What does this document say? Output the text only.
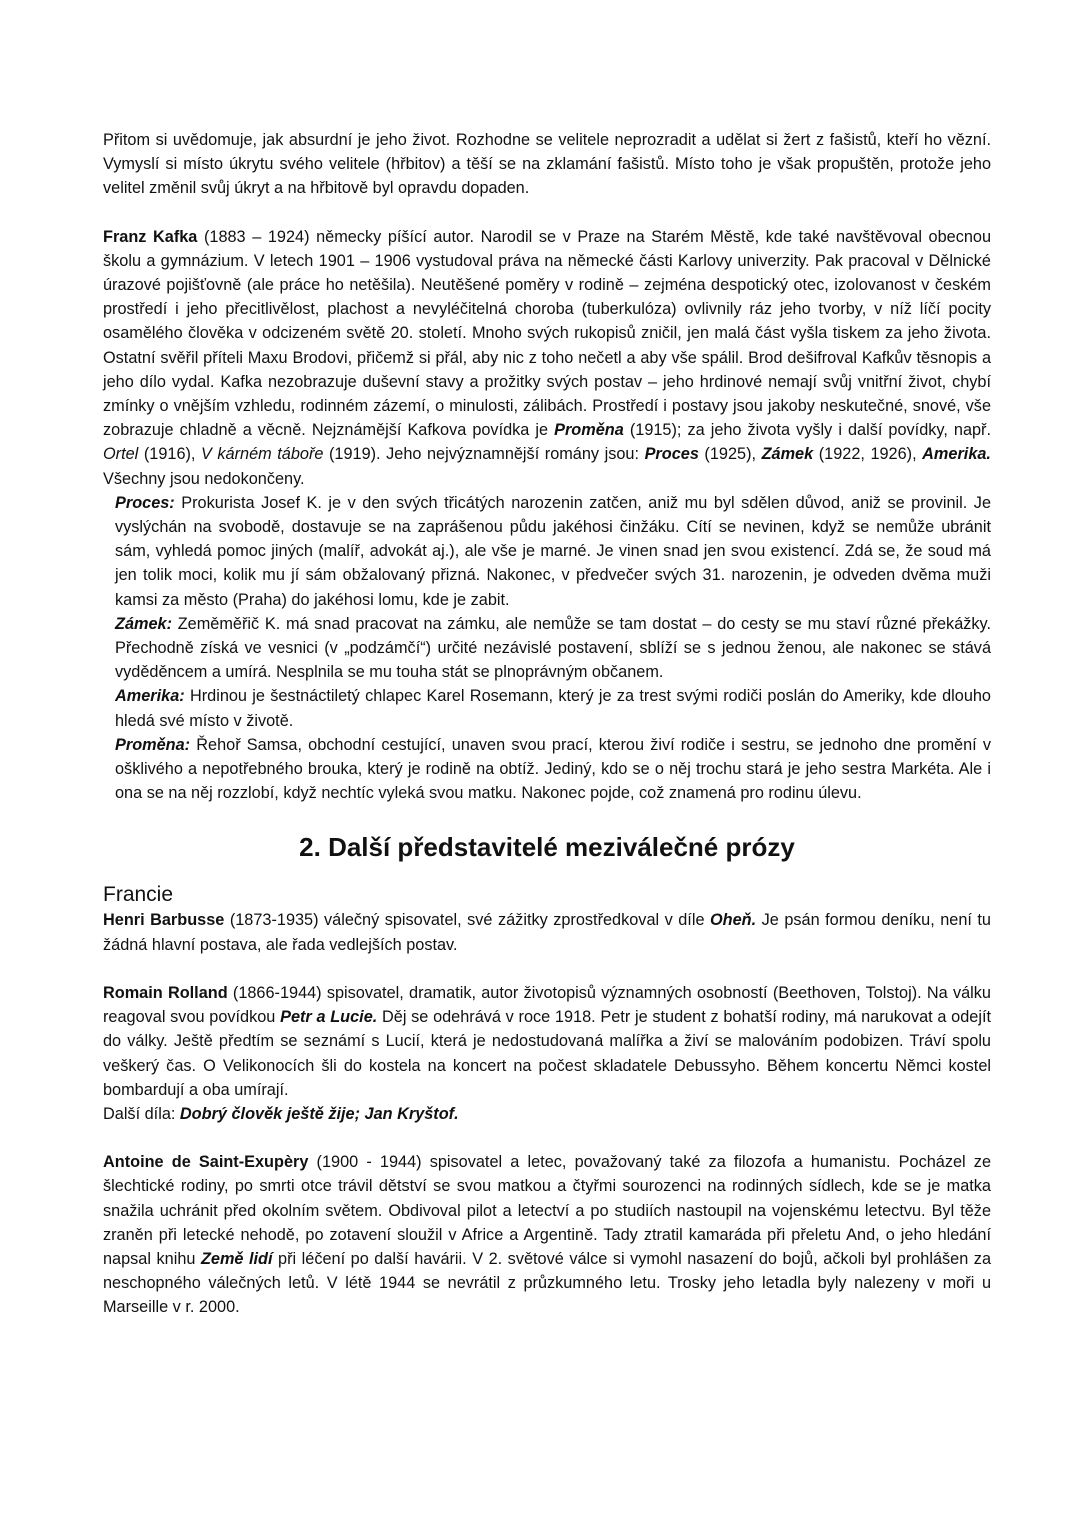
Přitom si uvědomuje, jak absurdní je jeho život. Rozhodne se velitele neprozradit a udělat si žert z fašistů, kteří ho vězní. Vymyslí si místo úkrytu svého velitele (hřbitov) a těší se na zklamání fašistů. Místo toho je však propuštěn, protože jeho velitel změnil svůj úkryt a na hřbitově byl opravdu dopaden.

Franz Kafka (1883 – 1924) německy píšící autor. Narodil se v Praze na Starém Městě, kde také navštěvoval obecnou školu a gymnázium. V letech 1901 – 1906 vystudoval práva na německé části Karlovy univerzity. Pak pracoval v Dělnické úrazové pojišťovně (ale práce ho netěšila). Neutěšené poměry v rodině – zejména despotický otec, izolovanost v českém prostředí i jeho přecitlivělost, plachost a nevyléčitelná choroba (tuberkulóza) ovlivnily ráz jeho tvorby, v níž líčí pocity osamělého člověka v odcizeném světě 20. století. Mnoho svých rukopisů zničil, jen malá část vyšla tiskem za jeho života. Ostatní svěřil příteli Maxu Brodovi, přičemž si přál, aby nic z toho nečetl a aby vše spálil. Brod dešifroval Kafkův těsnopis a jeho dílo vydal. Kafka nezobrazuje duševní stavy a prožitky svých postav – jeho hrdinové nemají svůj vnitřní život, chybí zmínky o vnějším vzhledu, rodinném zázemí, o minulosti, zálibách. Prostředí i postavy jsou jakoby neskutečné, snové, vše zobrazuje chladně a věcně. Nejznámější Kafkova povídka je Proměna (1915); za jeho života vyšly i další povídky, např. Ortel (1916), V kárném táboře (1919). Jeho nejvýznamnější romány jsou: Proces (1925), Zámek (1922, 1926), Amerika. Všechny jsou nedokončeny.

Proces: Prokurista Josef K. je v den svých třicátých narozenin zatčen, aniž mu byl sdělen důvod, aniž se provinil. Je vyslýchán na svobodě, dostavuje se na zaprášenou půdu jakéhosi činžáku. Cítí se nevinen, když se nemůže ubránit sám, vyhledá pomoc jiných (malíř, advokát aj.), ale vše je marné. Je vinen snad jen svou existencí. Zdá se, že soud má jen tolik moci, kolik mu jí sám obžalovaný přizná. Nakonec, v předvečer svých 31. narozenin, je odveden dvěma muži kamsi za město (Praha) do jakéhosi lomu, kde je zabit.

Zámek: Zeměměřič K. má snad pracovat na zámku, ale nemůže se tam dostat – do cesty se mu staví různé překážky. Přechodně získá ve vesnici (v „podzámčí“) určité nezávislé postavení, sblíží se s jednou ženou, ale nakonec se stává vyděděncem a umírá. Nesplnila se mu touha stát se plnoprávným občanem.

Amerika: Hrdinou je šestnáctiletý chlapec Karel Rosemann, který je za trest svými rodiči poslán do Ameriky, kde dlouho hledá své místo v životě.

Proměna: Řehoř Samsa, obchodní cestující, unaven svou prací, kterou živí rodiče i sestru, se jednoho dne promění v ošklivého a nepotřebného brouka, který je rodině na obtíž. Jediný, kdo se o něj trochu stará je jeho sestra Markéta. Ale i ona se na něj rozzlobí, když nechtíc vyleká svou matku. Nakonec pojde, což znamená pro rodinu úlevu.

2. Další představitelé meziválečné prózy
Francie

Henri Barbusse (1873-1935) válečný spisovatel, své zážitky zprostředkoval v díle Oheň. Je psán formou deníku, není tu žádná hlavní postava, ale řada vedlejších postav.

Romain Rolland (1866-1944) spisovatel, dramatik, autor životopisů významných osobností (Beethoven, Tolstoj). Na válku reagoval svou povídkou Petr a Lucie. Děj se odehrává v roce 1918. Petr je student z bohatší rodiny, má narukovat a odejít do války. Ještě předtím se seznámí s Lucií, která je nedostudovaná malířka a živí se malováním podobizen. Tráví spolu veškerý čas. O Velikonocích šli do kostela na koncert na počest skladatele Debussyho. Během koncertu Němci kostel bombardují a oba umírají.

Další díla: Dobrý člověk ještě žije; Jan Kryštof.

Antoine de Saint-Exupèry (1900 - 1944) spisovatel a letec, považovaný také za filozofa a humanistu. Pocházel ze šlechtické rodiny, po smrti otce trávil dětství se svou matkou a čtyřmi sourozenci na rodinných sídlech, kde se je matka snažila uchránit před okolním světem. Obdivoval pilot a letectví a po studiích nastoupil na vojenskému letectvu. Byl těže zraněn při letecké nehodě, po zotavení sloužil v Africe a Argentině. Tady ztratil kamaráda při přeletu And, o jeho hledání napsal knihu Země lidí při léčení po další havárii. V 2. světové válce si vymohl nasazení do bojů, ačkoli byl prohlášen za neschopného válečných letů. V létě 1944 se nevrátil z průzkumného letu. Trosky jeho letadla byly nalezeny v moři u Marseille v r. 2000.
